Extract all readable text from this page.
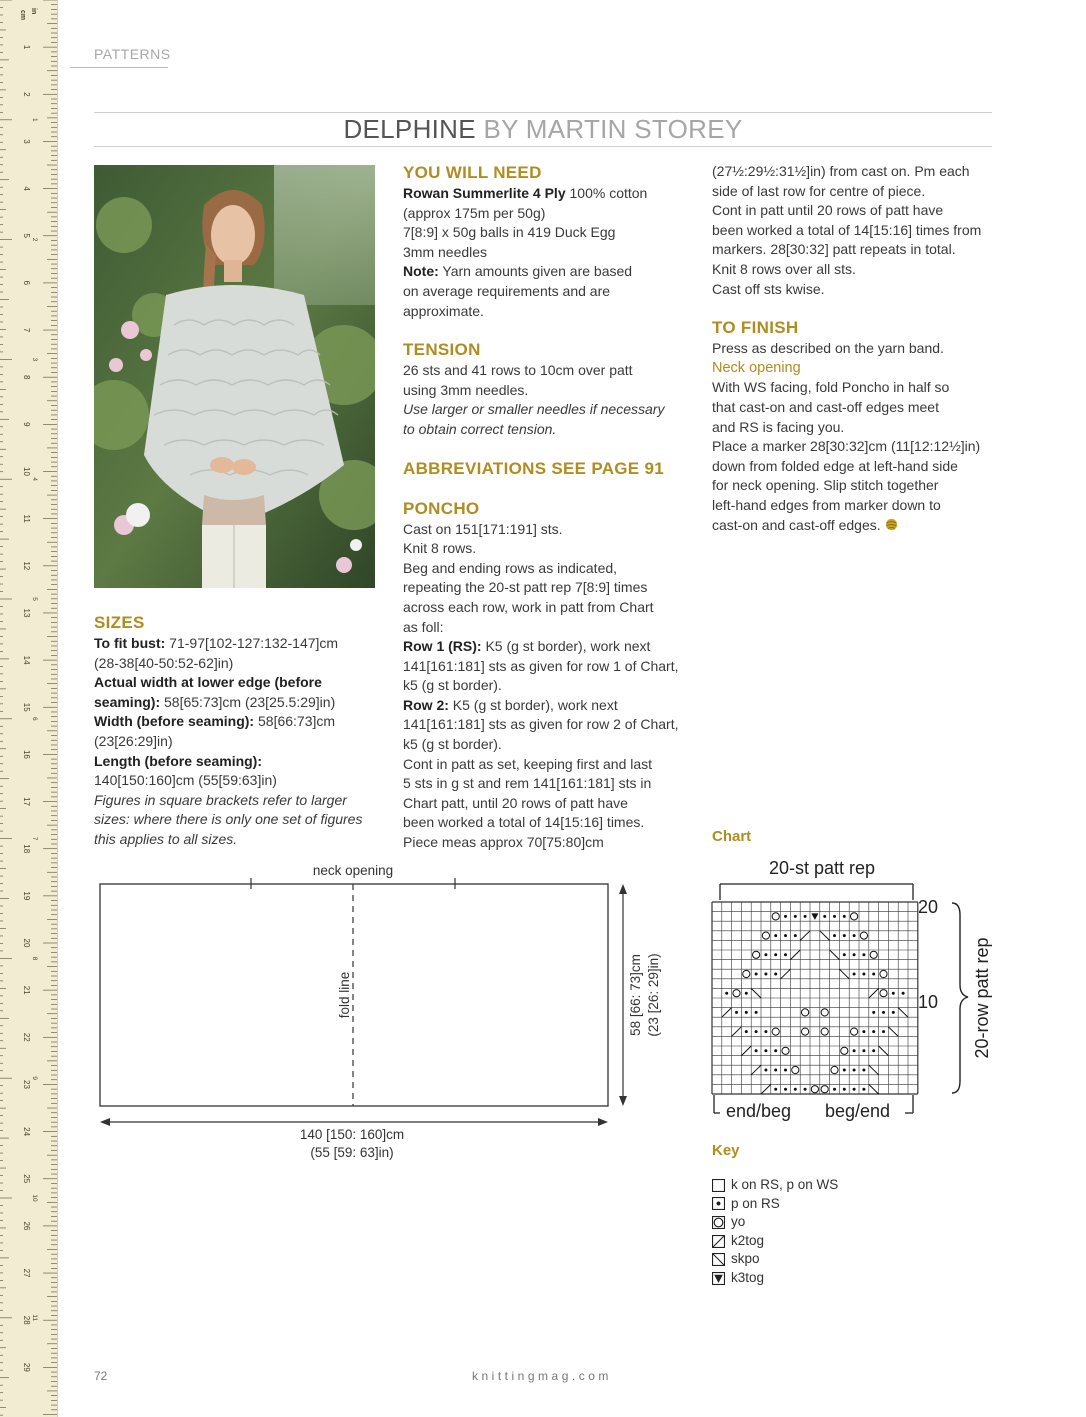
1
2
3
4
5
6
7
8
9
10
11
12
13
14
15
16
17
18
19
20
21
22
23
24
25
26
27
28
29
1
2
3
4
5
6
7
8
9
10
11
cm in
PATTERNS
DELPHINE BY MARTIN STOREY
SIZES

To fit bust: 71-97[102-127:132-147]cm

(28-38[40-50:52-62]in)

Actual width at lower edge (before

seaming): 58[65:73]cm (23[25.5:29]in)

Width (before seaming): 58[66:73]cm

(23[26:29]in)

Length (before seaming):

140[150:160]cm (55[59:63]in)

Figures in square brackets refer to larger

sizes: where there is only one set of figures

this applies to all sizes.

YOU WILL NEED

Rowan Summerlite 4 Ply 100% cotton

(approx 175m per 50g)

7[8:9] x 50g balls in 419 Duck Egg

3mm needles

Note: Yarn amounts given are based

on average requirements and are

approximate.

TENSION

26 sts and 41 rows to 10cm over patt

using 3mm needles.

Use larger or smaller needles if necessary

to obtain correct tension.

ABBREVIATIONS SEE PAGE 91
PONCHO

Cast on 151[171:191] sts.

Knit 8 rows.

Beg and ending rows as indicated,

repeating the 20-st patt rep 7[8:9] times

across each row, work in patt from Chart

as foll:

Row 1 (RS): K5 (g st border), work next

141[161:181] sts as given for row 1 of Chart,

k5 (g st border).

Row 2: K5 (g st border), work next

141[161:181] sts as given for row 2 of Chart,

k5 (g st border).

Cont in patt as set, keeping first and last

5 sts in g st and rem 141[161:181] sts in

Chart patt, until 20 rows of patt have

been worked a total of 14[15:16] times.

Piece meas approx 70[75:80]cm

(27½:29½:31½]in) from cast on. Pm each

side of last row for centre of piece.

Cont in patt until 20 rows of patt have

been worked a total of 14[15:16] times from

markers. 28[30:32] patt repeats in total.

Knit 8 rows over all sts.

Cast off sts kwise.

TO FINISH

Press as described on the yarn band.

Neck opening

With WS facing, fold Poncho in half so

that cast-on and cast-off edges meet

and RS is facing you.

Place a marker 28[30:32]cm (11[12:12½]in)

down from folded edge at left-hand side

for neck opening. Slip stitch together

left-hand edges from marker down to

cast-on and cast-off edges.

neck opening
fold line
140 [150: 160]cm
(55 [59: 63]in)
58 [66: 73]cm (23 [26: 29]in)
Chart
20-st patt rep
20
10 20-row patt rep
end/beg beg/end
Key
k on RS, p on WS
p on RS
yo
k2tog
skpo
k3tog
72	knittingmag.com
